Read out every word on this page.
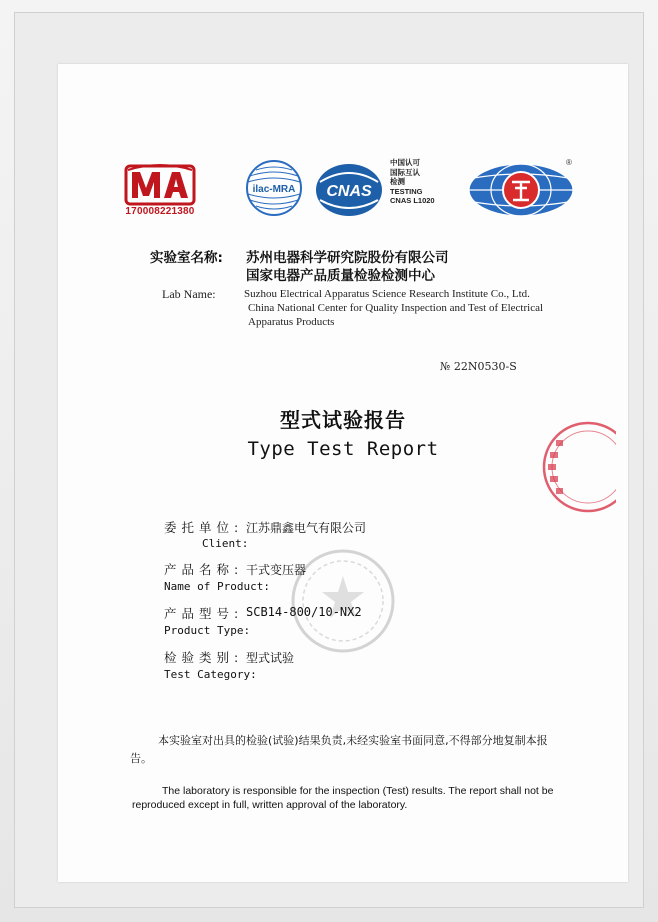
170008221380
ilac-MRA CNAS
中国认可
国际互认
检测
TESTING
CNAS L1020
®
实验室名称: 苏州电器科学研究院股份有限公司
国家电器产品质量检验检测中心
Lab Name:	Suzhou Electrical Apparatus Science Research Institute Co., Ltd.
China National Center for Quality Inspection and Test of Electrical
Apparatus Products
№ 22N0530-S
型式试验报告
Type Test Report
委托单位: 江苏鼎鑫电气有限公司
Client:
产品名称: 干式变压器
Name of Product:
产品型号: SCB14-800/10-NX2
Product Type:
检验类别: 型式试验
Test Category:
本实验室对出具的检验(试验)结果负责,未经实验室书面同意,不得部分地复制本报告。
The laboratory is responsible for the inspection (Test) results. The report shall not be reproduced except in full, written approval of the laboratory.
